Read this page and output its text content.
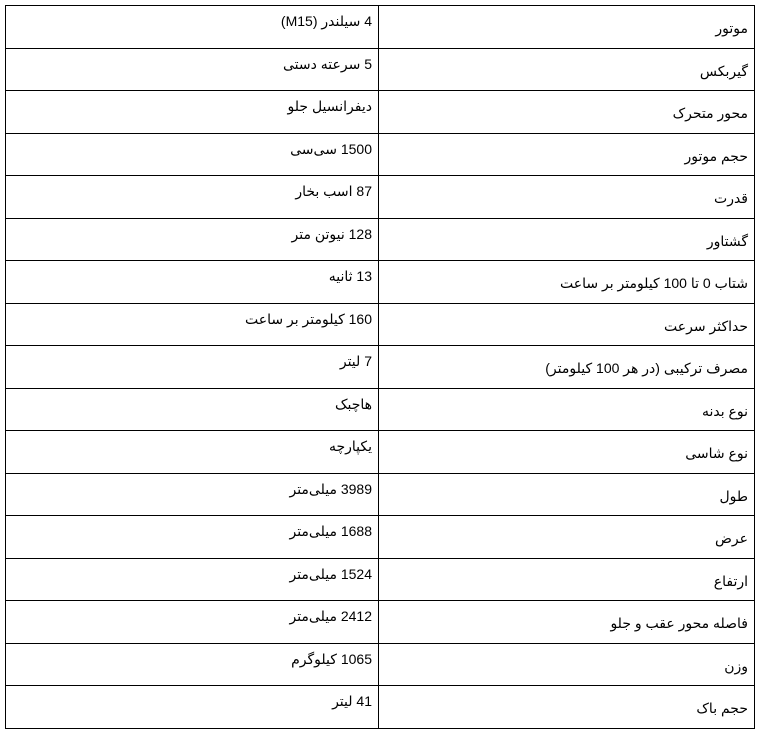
موتور	4 سیلندر (M15)
گیربکس	5 سرعته دستی
محور متحرک	دیفرانسیل جلو
حجم موتور	1500 سی‌سی
قدرت	87 اسب بخار
گشتاور	128 نیوتن متر
شتاب 0 تا 100 کیلومتر بر ساعت	13 ثانیه
حداکثر سرعت	160 کیلومتر بر ساعت
مصرف ترکیبی (در هر 100 کیلومتر)	7 لیتر
نوع بدنه	هاچبک
نوع شاسی	یکپارچه
طول	3989 میلی‌متر
عرض	1688 میلی‌متر
ارتفاع	1524 میلی‌متر
فاصله محور عقب و جلو	2412 میلی‌متر
وزن	1065 کیلوگرم
حجم باک	41 لیتر
